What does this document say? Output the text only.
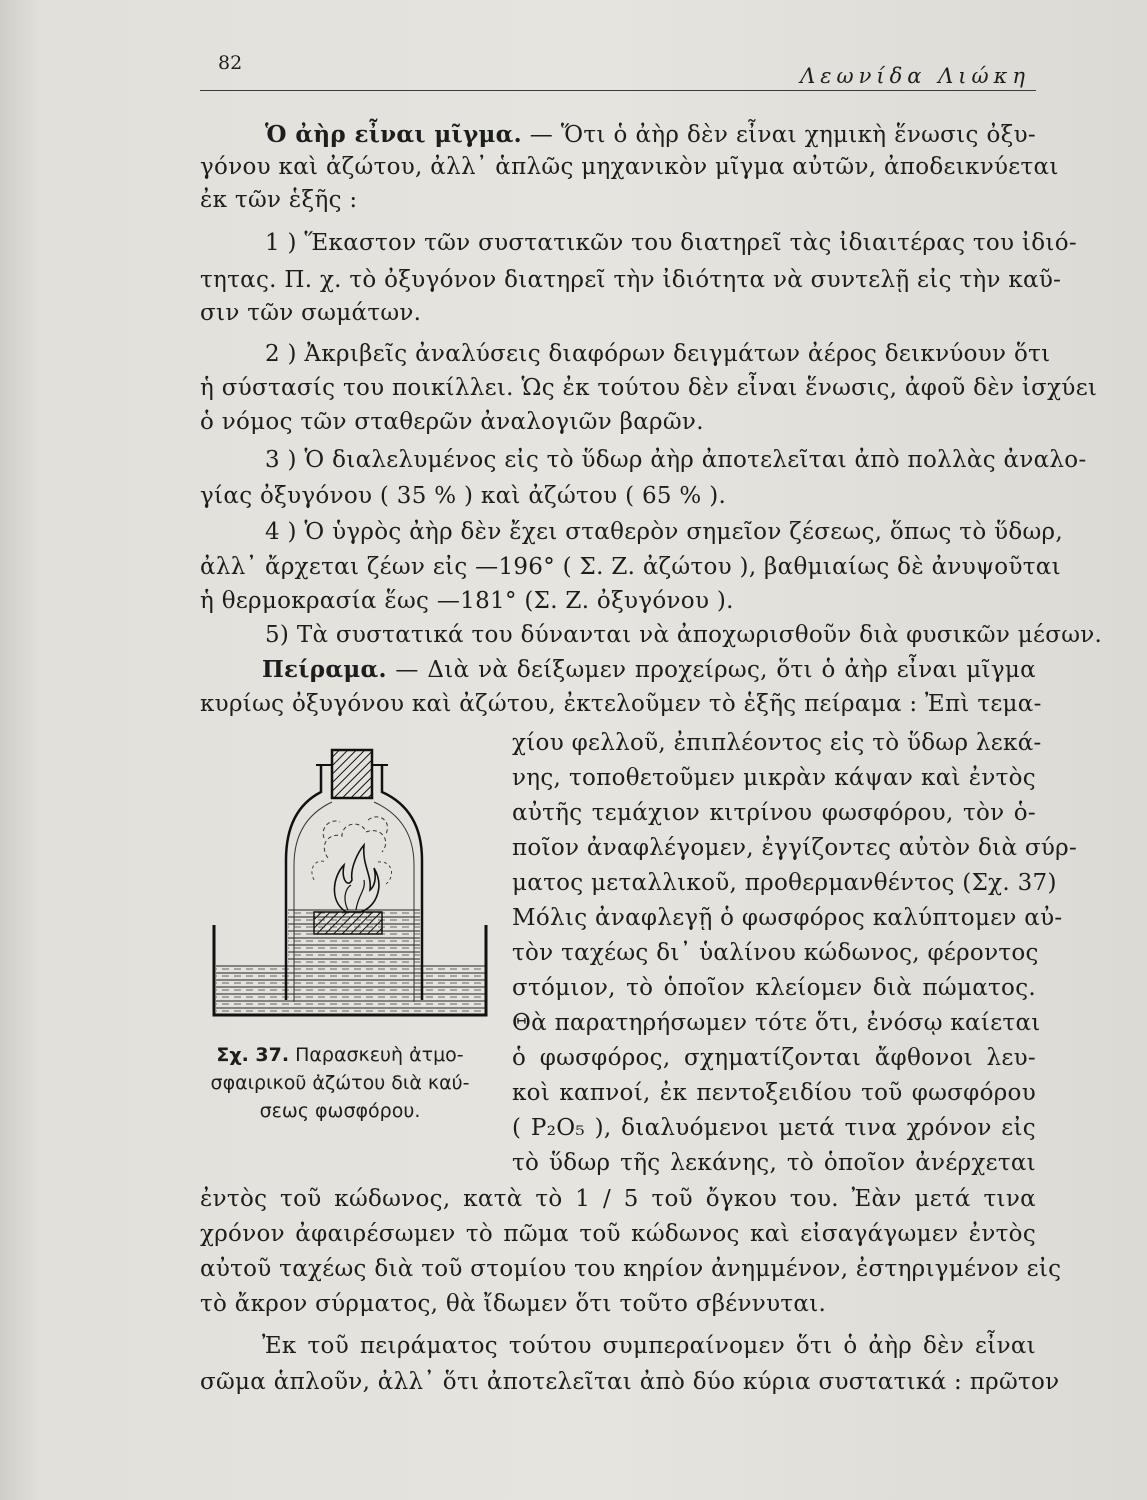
82
Λεωνίδα Λιώκη
Ὁ ἀὴρ εἶναι μῖγμα. — Ὅτι ὁ ἀὴρ δὲν εἶναι χημικὴ ἕνωσις ὀξυ-
γόνου καὶ ἀζώτου, ἀλλ᾿ ἁπλῶς μηχανικὸν μῖγμα αὐτῶν, ἀποδεικνύεται
ἐκ τῶν ἑξῆς :
1 ) Ἕκαστον τῶν συστατικῶν του διατηρεῖ τὰς ἰδιαιτέρας του ἰδιό-
τητας. Π. χ. τὸ ὀξυγόνον διατηρεῖ τὴν ἰδιότητα νὰ συντελῇ εἰς τὴν καῦ-
σιν τῶν σωμάτων.
2 ) Ἀκριβεῖς ἀναλύσεις διαφόρων δειγμάτων ἀέρος δεικνύουν ὅτι
ἡ σύστασίς του ποικίλλει. Ὡς ἐκ τούτου δὲν εἶναι ἕνωσις, ἀφοῦ δὲν ἰσχύει
ὁ νόμος τῶν σταθερῶν ἀναλογιῶν βαρῶν.
3 ) Ὁ διαλελυμένος εἰς τὸ ὕδωρ ἀὴρ ἀποτελεῖται ἀπὸ πολλὰς ἀναλο-
γίας ὀξυγόνου ( 35 % ) καὶ ἀζώτου ( 65 % ).
4 ) Ὁ ὑγρὸς ἀὴρ δὲν ἔχει σταθερὸν σημεῖον ζέσεως, ὅπως τὸ ὕδωρ,
ἀλλ᾿ ἄρχεται ζέων εἰς —196° ( Σ. Ζ. ἀζώτου ), βαθμιαίως δὲ ἀνυψοῦται
ἡ θερμοκρασία ἕως —181° (Σ. Ζ. ὀξυγόνου ).
5) Τὰ συστατικά του δύνανται νὰ ἀποχωρισθοῦν διὰ φυσικῶν μέσων.
Πείραμα. — Διὰ νὰ δείξωμεν προχείρως, ὅτι ὁ ἀὴρ εἶναι μῖγμα
κυρίως ὀξυγόνου καὶ ἀζώτου, ἐκτελοῦμεν τὸ ἑξῆς πείραμα : Ἐπὶ τεμα-
χίου φελλοῦ, ἐπιπλέοντος εἰς τὸ ὕδωρ λεκά-
νης, τοποθετοῦμεν μικρὰν κάψαν καὶ ἐντὸς
αὐτῆς τεμάχιον κιτρίνου φωσφόρου, τὸν ὁ-
ποῖον ἀναφλέγομεν, ἐγγίζοντες αὐτὸν διὰ σύρ-
ματος μεταλλικοῦ, προθερμανθέντος (Σχ. 37)
Μόλις ἀναφλεγῇ ὁ φωσφόρος καλύπτομεν αὐ-
τὸν ταχέως δι᾿ ὑαλίνου κώδωνος, φέροντος
στόμιον, τὸ ὁποῖον κλείομεν διὰ πώματος.
Θὰ παρατηρήσωμεν τότε ὅτι, ἐνόσῳ καίεται
ὁ φωσφόρος, σχηματίζονται ἄφθονοι λευ-
κοὶ καπνοί, ἐκ πεντοξειδίου τοῦ φωσφόρου
( P₂O₅ ), διαλυόμενοι μετά τινα χρόνον εἰς
τὸ ὕδωρ τῆς λεκάνης, τὸ ὁποῖον ἀνέρχεται
ἐντὸς τοῦ κώδωνος, κατὰ τὸ 1 / 5 τοῦ ὄγκου του. Ἐὰν μετά τινα
χρόνον ἀφαιρέσωμεν τὸ πῶμα τοῦ κώδωνος καὶ εἰσαγάγωμεν ἐντὸς
αὐτοῦ ταχέως διὰ τοῦ στομίου του κηρίον ἀνημμένον, ἐστηριγμένον εἰς
τὸ ἄκρον σύρματος, θὰ ἴδωμεν ὅτι τοῦτο σβέννυται.
Ἐκ τοῦ πειράματος τούτου συμπεραίνομεν ὅτι ὁ ἀὴρ δὲν εἶναι
σῶμα ἁπλοῦν, ἀλλ᾿ ὅτι ἀποτελεῖται ἀπὸ δύο κύρια συστατικά : πρῶτον
Σχ. 37. Παρασκευὴ ἀτμο-
σφαιρικοῦ ἀζώτου διὰ καύ-
σεως φωσφόρου.
